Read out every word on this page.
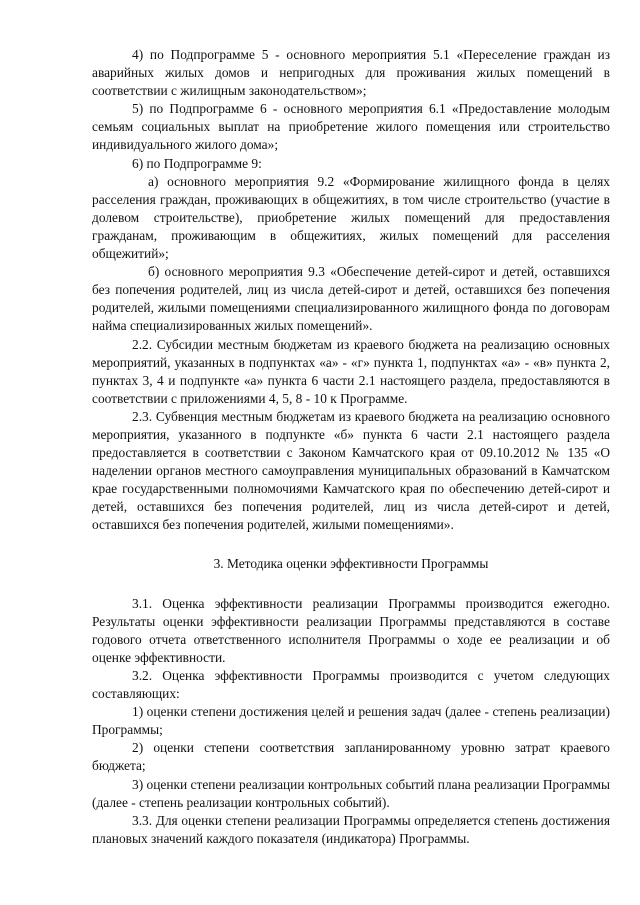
4) по Подпрограмме 5 - основного мероприятия 5.1 «Переселение граждан из аварийных жилых домов и непригодных для проживания жилых помещений в соответствии с жилищным законодательством»;

5) по Подпрограмме 6 - основного мероприятия 6.1 «Предоставление молодым семьям социальных выплат на приобретение жилого помещения или строительство индивидуального жилого дома»;

6) по Подпрограмме 9:

а) основного мероприятия 9.2 «Формирование жилищного фонда в целях расселения граждан, проживающих в общежитиях, в том числе строительство (участие в долевом строительстве), приобретение жилых помещений для предоставления гражданам, проживающим в общежитиях, жилых помещений для расселения общежитий»;

б) основного мероприятия 9.3 «Обеспечение детей-сирот и детей, оставшихся без попечения родителей, лиц из числа детей-сирот и детей, оставшихся без попечения родителей, жилыми помещениями специализированного жилищного фонда по договорам найма специализированных жилых помещений».

2.2. Субсидии местным бюджетам из краевого бюджета на реализацию основных мероприятий, указанных в подпунктах «а» - «г» пункта 1, подпунктах «а» - «в» пункта 2, пунктах 3, 4 и подпункте «а» пункта 6 части 2.1 настоящего раздела, предоставляются в соответствии с приложениями 4, 5, 8 - 10 к Программе.

2.3. Субвенция местным бюджетам из краевого бюджета на реализацию основного мероприятия, указанного в подпункте «б» пункта 6 части 2.1 настоящего раздела предоставляется в соответствии с Законом Камчатского края от 09.10.2012 № 135 «О наделении органов местного самоуправления муниципальных образований в Камчатском крае государственными полномочиями Камчатского края по обеспечению детей-сирот и детей, оставшихся без попечения родителей, лиц из числа детей-сирот и детей, оставшихся без попечения родителей, жилыми помещениями».

3. Методика оценки эффективности Программы

3.1. Оценка эффективности реализации Программы производится ежегодно. Результаты оценки эффективности реализации Программы представляются в составе годового отчета ответственного исполнителя Программы о ходе ее реализации и об оценке эффективности.

3.2. Оценка эффективности Программы производится с учетом следующих составляющих:

1) оценки степени достижения целей и решения задач (далее - степень реализации) Программы;

2) оценки степени соответствия запланированному уровню затрат краевого бюджета;

3) оценки степени реализации контрольных событий плана реализации Программы (далее - степень реализации контрольных событий).

3.3. Для оценки степени реализации Программы определяется степень достижения плановых значений каждого показателя (индикатора) Программы.
